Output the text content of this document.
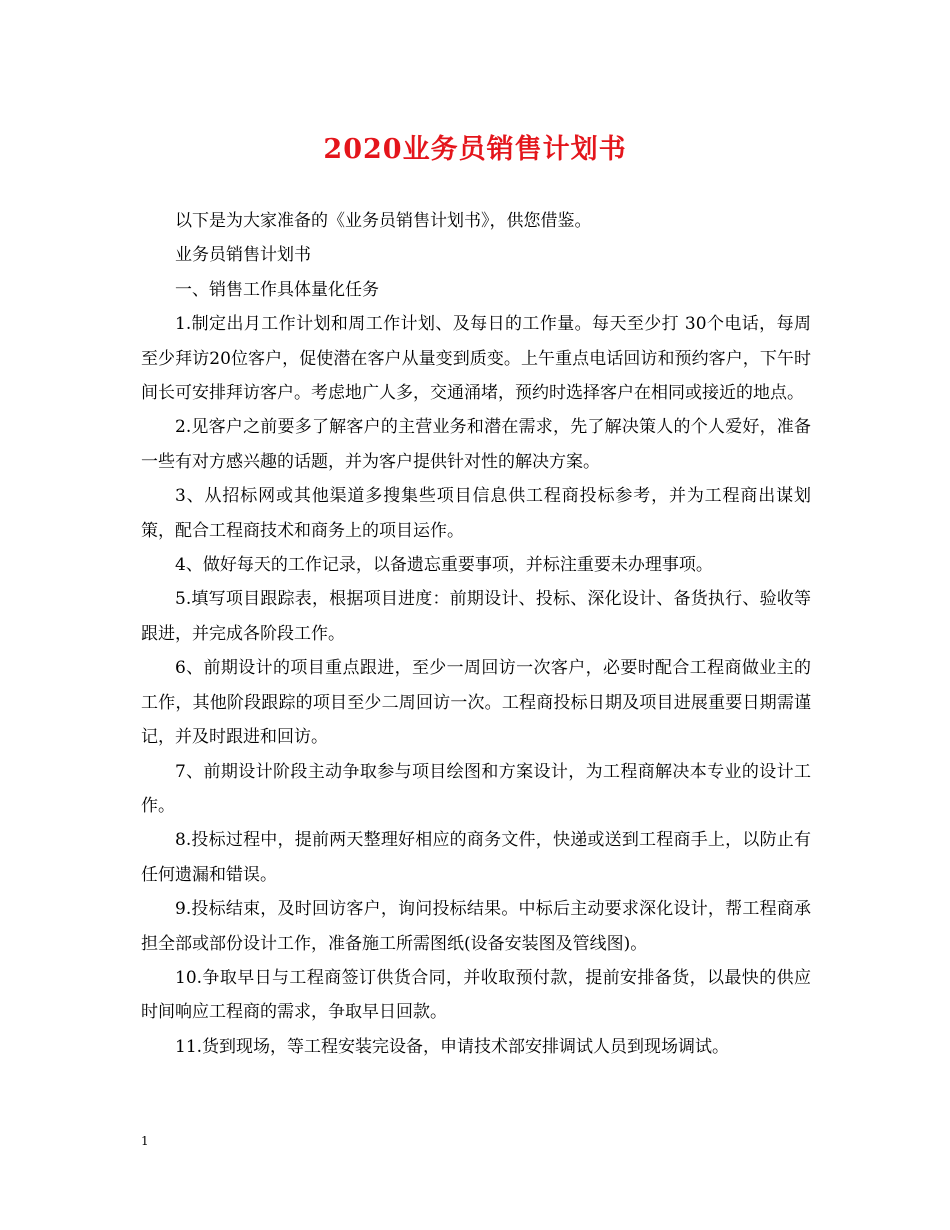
2020业务员销售计划书

以下是为大家准备的《业务员销售计划书》，供您借鉴。

业务员销售计划书

一、销售工作具体量化任务

1.制定出月工作计划和周工作计划、及每日的工作量。每天至少打 30个电话，每周至少拜访20位客户，促使潜在客户从量变到质变。上午重点电话回访和预约客户，下午时间长可安排拜访客户。考虑地广人多，交通涌堵，预约时选择客户在相同或接近的地点。

2.见客户之前要多了解客户的主营业务和潜在需求，先了解决策人的个人爱好，准备一些有对方感兴趣的话题，并为客户提供针对性的解决方案。

3、从招标网或其他渠道多搜集些项目信息供工程商投标参考，并为工程商出谋划策，配合工程商技术和商务上的项目运作。

4、做好每天的工作记录，以备遗忘重要事项，并标注重要未办理事项。

5.填写项目跟踪表，根据项目进度：前期设计、投标、深化设计、备货执行、验收等跟进，并完成各阶段工作。

6、前期设计的项目重点跟进，至少一周回访一次客户，必要时配合工程商做业主的工作，其他阶段跟踪的项目至少二周回访一次。工程商投标日期及项目进展重要日期需谨记，并及时跟进和回访。

7、前期设计阶段主动争取参与项目绘图和方案设计，为工程商解决本专业的设计工作。

8.投标过程中，提前两天整理好相应的商务文件，快递或送到工程商手上，以防止有任何遗漏和错误。

9.投标结束，及时回访客户，询问投标结果。中标后主动要求深化设计，帮工程商承担全部或部份设计工作，准备施工所需图纸(设备安装图及管线图)。

10.争取早日与工程商签订供货合同，并收取预付款，提前安排备货，以最快的供应时间响应工程商的需求，争取早日回款。

11.货到现场，等工程安装完设备，申请技术部安排调试人员到现场调试。

1
